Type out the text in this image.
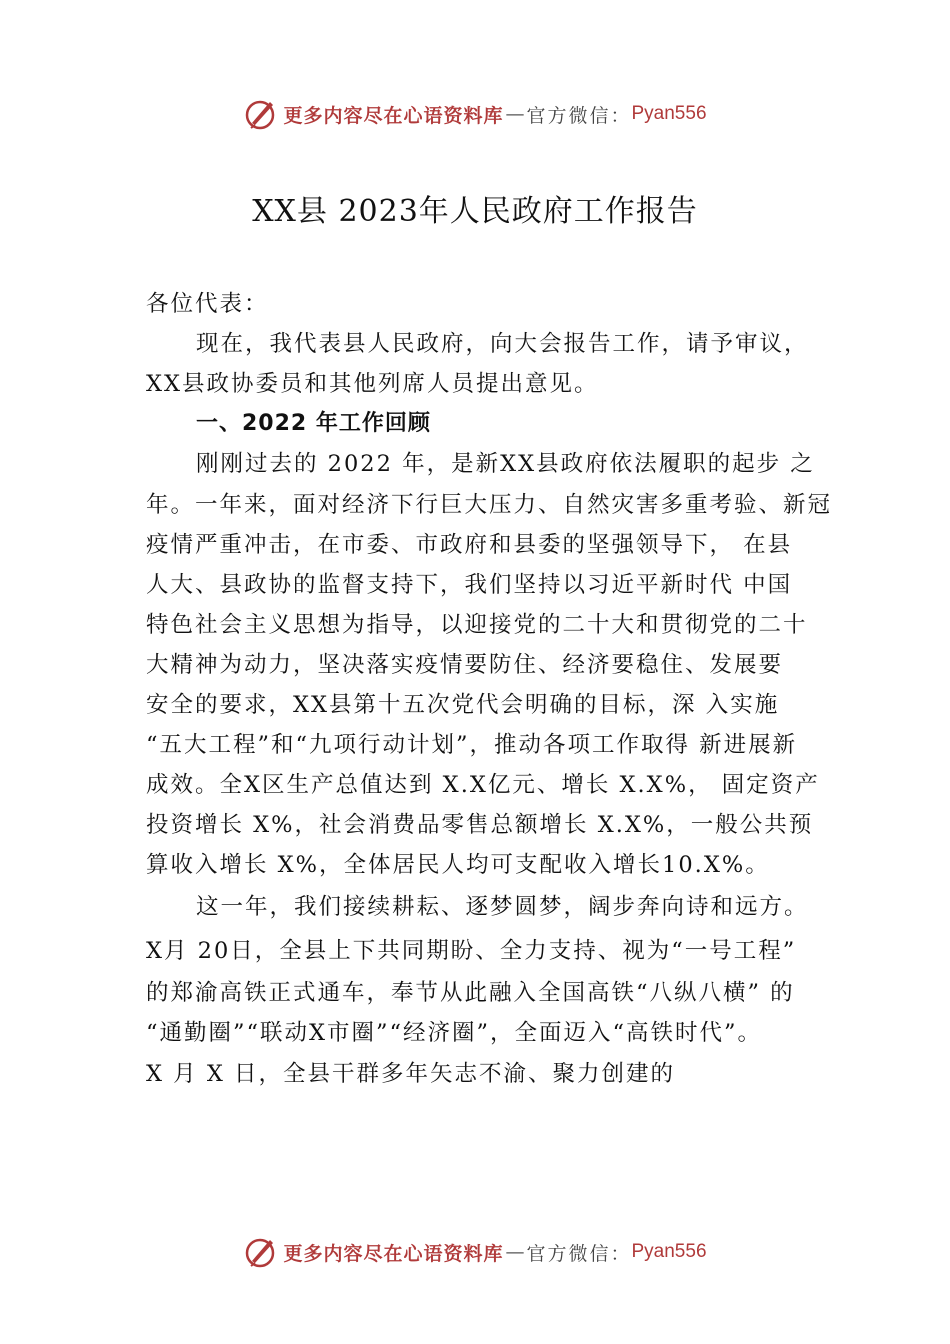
更多内容尽在心语资料库 — 官方微信： Pyan556
XX县 2023年人民政府工作报告
各位代表：
现在，我代表县人民政府，向大会报告工作，请予审议，
XX县政协委员和其他列席人员提出意见。
一、2022 年工作回顾
刚刚过去的 2022 年，是新XX县政府依法履职的起步 之
年。一年来，面对经济下行巨大压力、自然灾害多重考验、新冠
疫情严重冲击，在市委、市政府和县委的坚强领导下， 在县
人大、县政协的监督支持下，我们坚持以习近平新时代 中国
特色社会主义思想为指导，以迎接党的二十大和贯彻党的二十
大精神为动力，坚决落实疫情要防住、经济要稳住、发展要
安全的要求，XX县第十五次党代会明确的目标，深 入实施
“五大工程”和“九项行动计划”，推动各项工作取得 新进展新
成效。全X区生产总值达到 X.X亿元、增长 X.X%， 固定资产
投资增长 X%，社会消费品零售总额增长 X.X%，一般公共预
算收入增长 X%，全体居民人均可支配收入增长10.X%。
这一年，我们接续耕耘、逐梦圆梦，阔步奔向诗和远方。
X月 20日，全县上下共同期盼、全力支持、视为“一号工程”
的郑渝高铁正式通车，奉节从此融入全国高铁“八纵八横” 的
“通勤圈”“联动X市圈”“经济圈”，全面迈入“高铁时代”。
X 月 X 日，全县干群多年矢志不渝、聚力创建的
更多内容尽在心语资料库 — 官方微信： Pyan556
